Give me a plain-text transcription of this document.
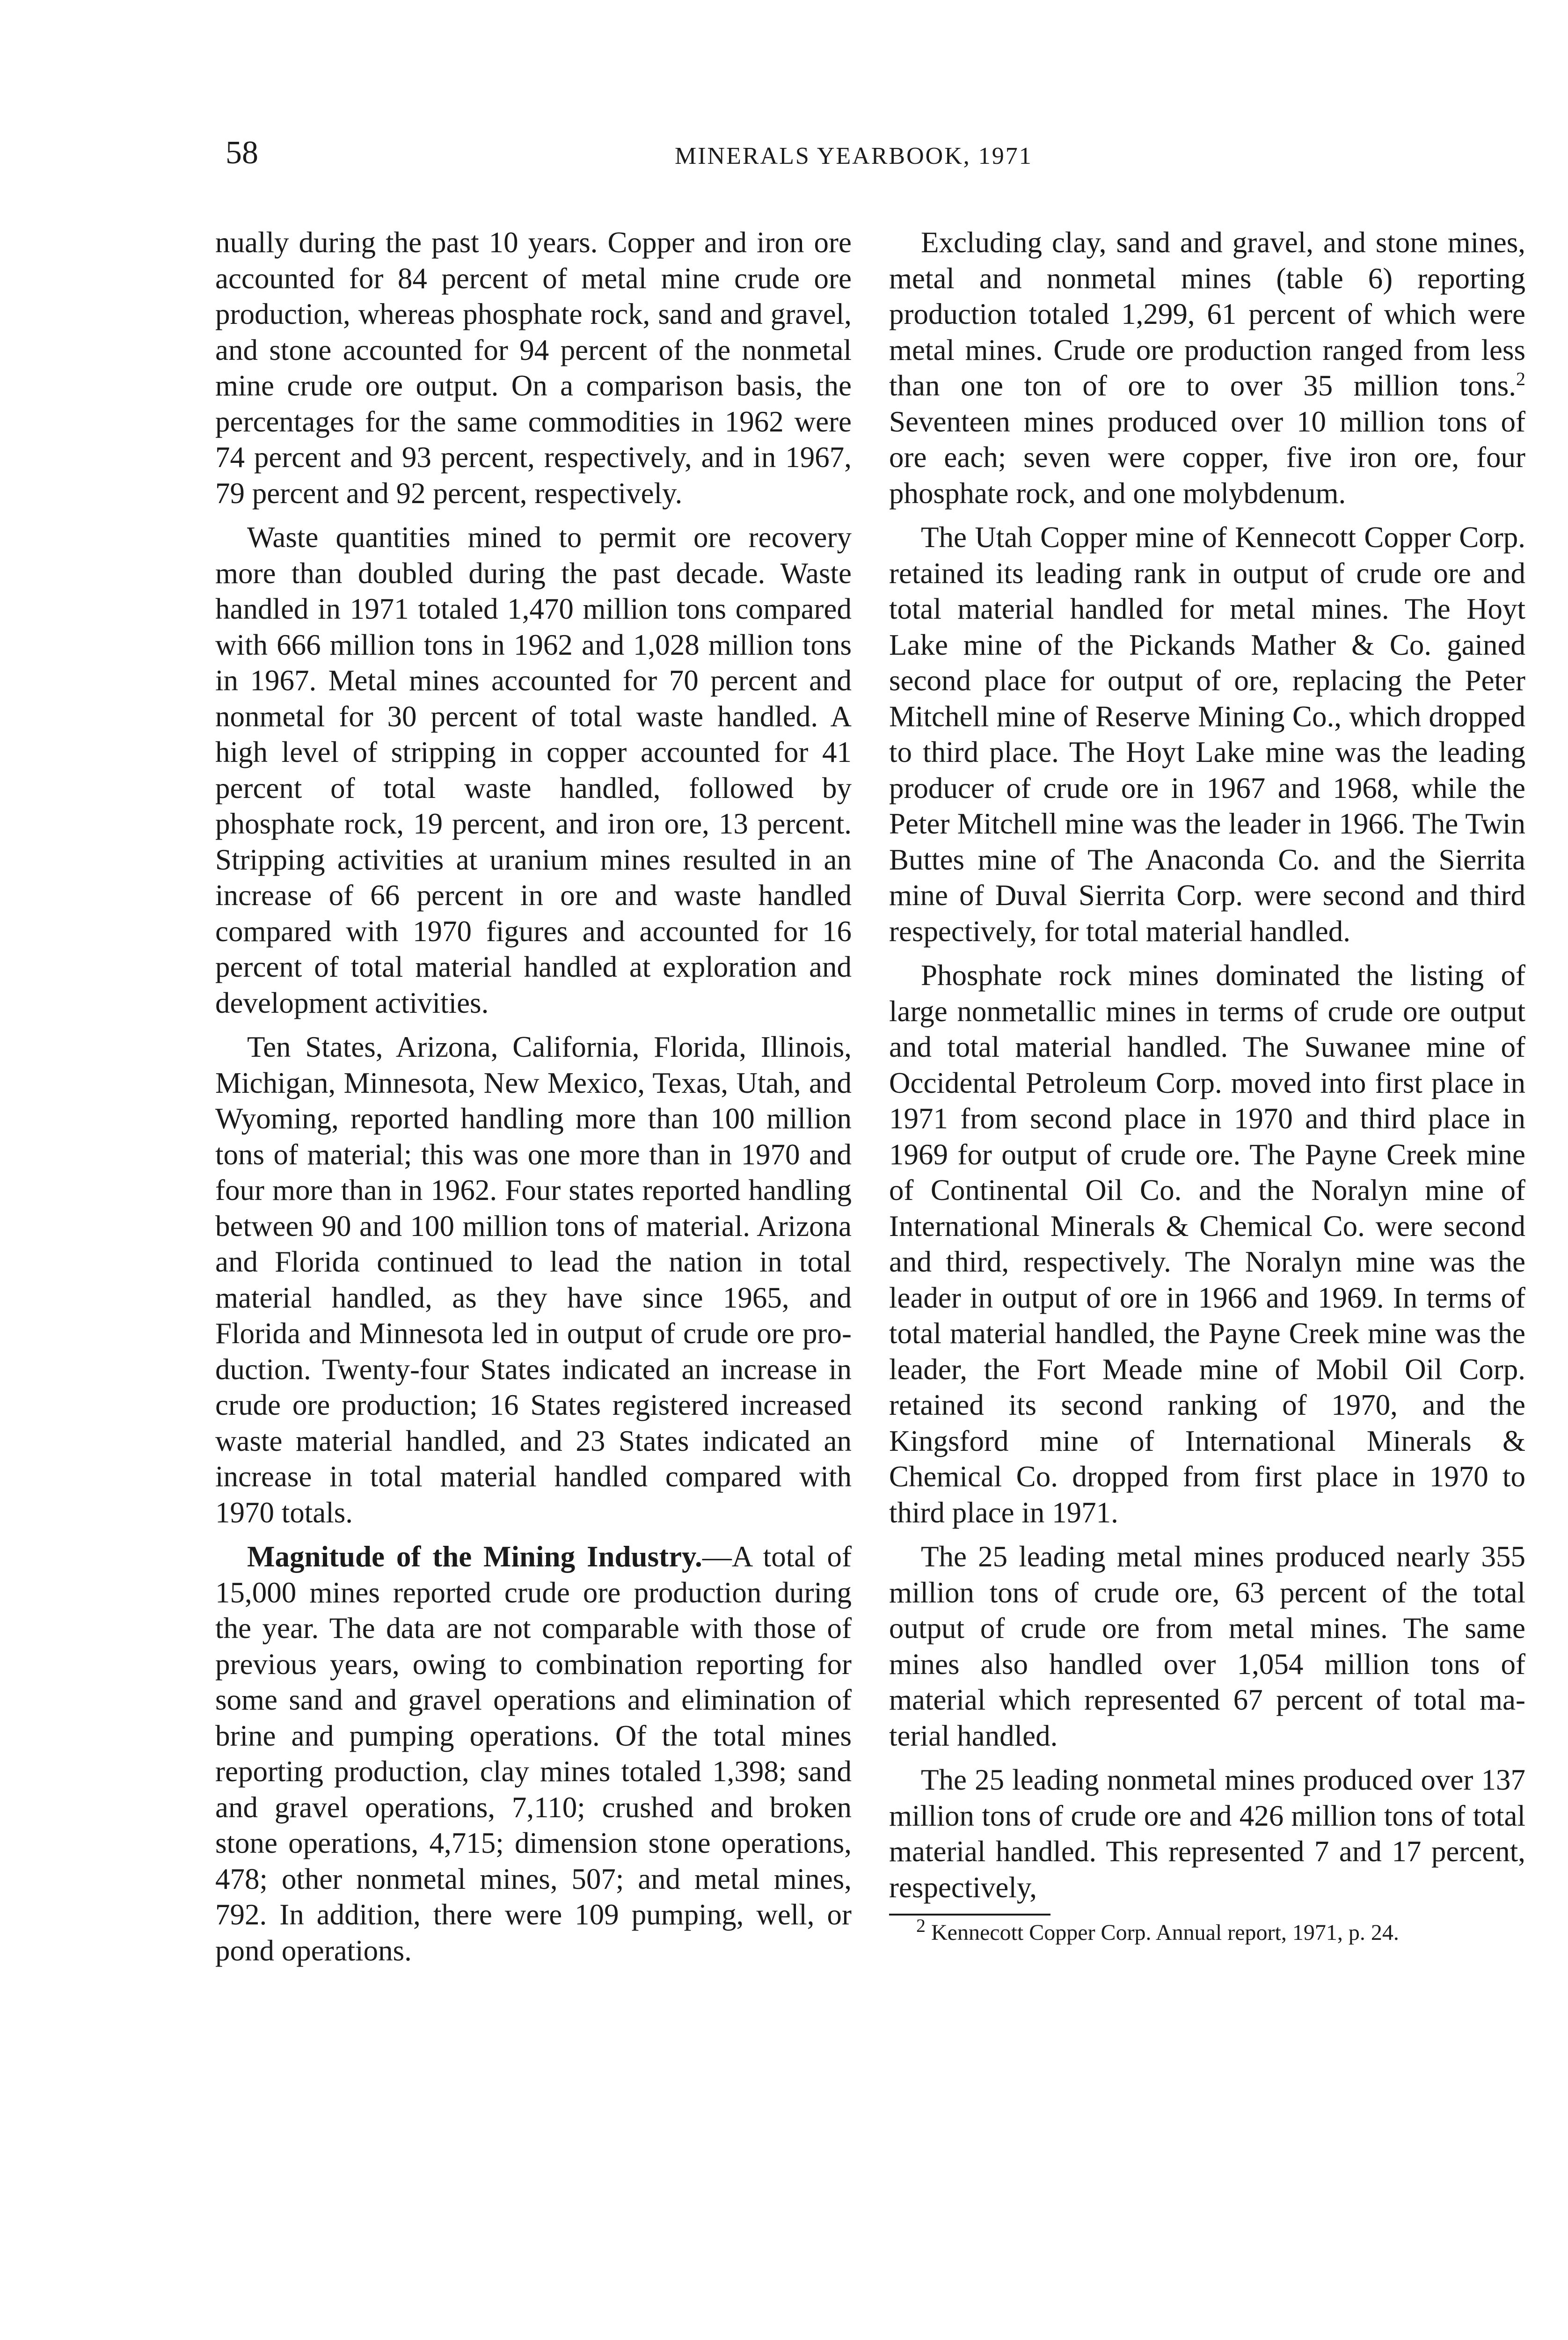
58	MINERALS YEARBOOK, 1971

nually during the past 10 years. Copper and iron ore accounted for 84 percent of metal mine crude ore production, whereas phosphate rock, sand and gravel, and stone accounted for 94 percent of the nonmetal mine crude ore output. On a comparison basis, the percentages for the same commodities in 1962 were 74 percent and 93 percent, respectively, and in 1967, 79 percent and 92 percent, respectively.

Waste quantities mined to permit ore recovery more than doubled during the past decade. Waste handled in 1971 totaled 1,470 million tons compared with 666 million tons in 1962 and 1,028 million tons in 1967. Metal mines accounted for 70 percent and nonmetal for 30 percent of total waste handled. A high level of stripping in copper accounted for 41 percent of total waste handled, followed by phosphate rock, 19 percent, and iron ore, 13 percent. Stripping activities at uranium mines resulted in an increase of 66 percent in ore and waste handled compared with 1970 figures and accounted for 16 percent of total material handled at exploration and development activities.

Ten States, Arizona, California, Florida, Illinois, Michigan, Minnesota, New Mexico, Texas, Utah, and Wyoming, reported handling more than 100 million tons of material; this was one more than in 1970 and four more than in 1962. Four states reported handling between 90 and 100 million tons of material. Arizona and Florida continued to lead the nation in total material handled, as they have since 1965, and Florida and Minnesota led in output of crude ore production. Twenty-four States indicated an increase in crude ore production; 16 States registered increased waste material handled, and 23 States indicated an increase in total material handled compared with 1970 totals.

Magnitude of the Mining Industry.—A total of 15,000 mines reported crude ore production during the year. The data are not comparable with those of previous years, owing to combination reporting for some sand and gravel operations and elimination of brine and pumping operations. Of the total mines reporting production, clay mines totaled 1,398; sand and gravel operations, 7,110; crushed and broken stone operations, 4,715; dimension stone operations, 478; other nonmetal mines, 507; and metal mines, 792. In addition, there were 109 pumping, well, or pond operations.

Excluding clay, sand and gravel, and stone mines, metal and nonmetal mines (table 6) reporting production totaled 1,299, 61 percent of which were metal mines. Crude ore production ranged from less than one ton of ore to over 35 million tons.$^2$ Seventeen mines produced over 10 million tons of ore each; seven were copper, five iron ore, four phosphate rock, and one molybdenum.

The Utah Copper mine of Kennecott Copper Corp. retained its leading rank in output of crude ore and total material handled for metal mines. The Hoyt Lake mine of the Pickands Mather & Co. gained second place for output of ore, replacing the Peter Mitchell mine of Reserve Mining Co., which dropped to third place. The Hoyt Lake mine was the leading producer of crude ore in 1967 and 1968, while the Peter Mitchell mine was the leader in 1966. The Twin Buttes mine of The Anaconda Co. and the Sierrita mine of Duval Sierrita Corp. were second and third respectively, for total material handled.

Phosphate rock mines dominated the listing of large nonmetallic mines in terms of crude ore output and total material handled. The Suwanee mine of Occidental Petroleum Corp. moved into first place in 1971 from second place in 1970 and third place in 1969 for output of crude ore. The Payne Creek mine of Continental Oil Co. and the Noralyn mine of International Minerals & Chemical Co. were second and third, respectively. The Noralyn mine was the leader in output of ore in 1966 and 1969. In terms of total material handled, the Payne Creek mine was the leader, the Fort Meade mine of Mobil Oil Corp. retained its second ranking of 1970, and the Kingsford mine of International Minerals & Chemical Co. dropped from first place in 1970 to third place in 1971.

The 25 leading metal mines produced nearly 355 million tons of crude ore, 63 percent of the total output of crude ore from metal mines. The same mines also handled over 1,054 million tons of material which represented 67 percent of total material handled.

The 25 leading nonmetal mines produced over 137 million tons of crude ore and 426 million tons of total material handled. This represented 7 and 17 percent, respectively,

$^2$ Kennecott Copper Corp. Annual report, 1971, p. 24.
